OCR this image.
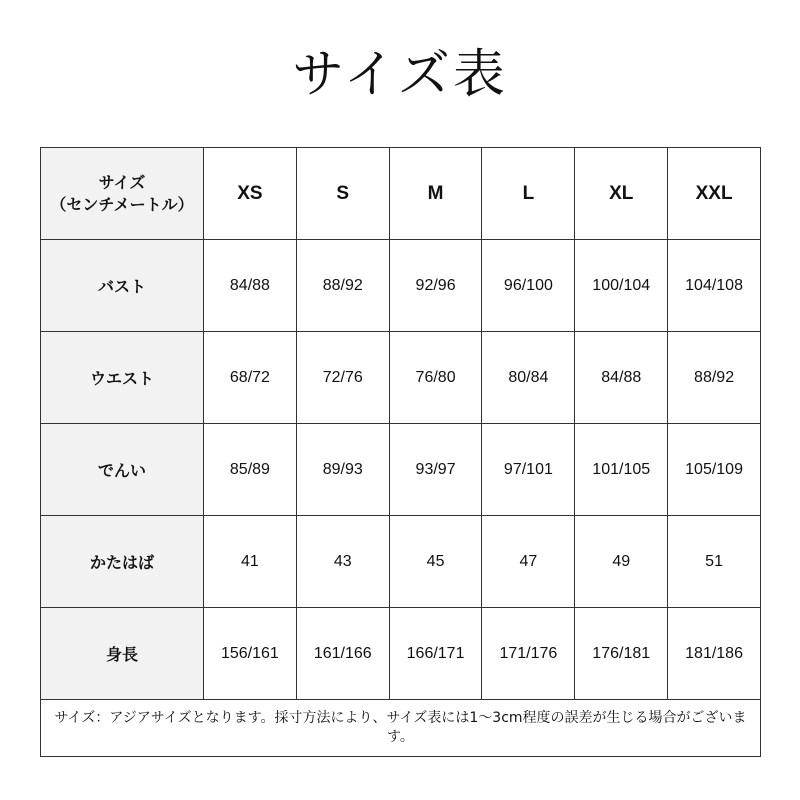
サイズ表
サイズ
（センチメートル）	XS	S	M	L	XL	XXL
バスト	84/88	88/92	92/96	96/100	100/104	104/108
ウエスト	68/72	72/76	76/80	80/84	84/88	88/92
でんい	85/89	89/93	93/97	97/101	101/105	105/109
かたはば	41	43	45	47	49	51
身長	156/161	161/166	166/171	171/176	176/181	181/186
サイズ：アジアサイズとなります。採寸方法により、サイズ表には1～3cm程度の誤差が生じる場合がございます。						
